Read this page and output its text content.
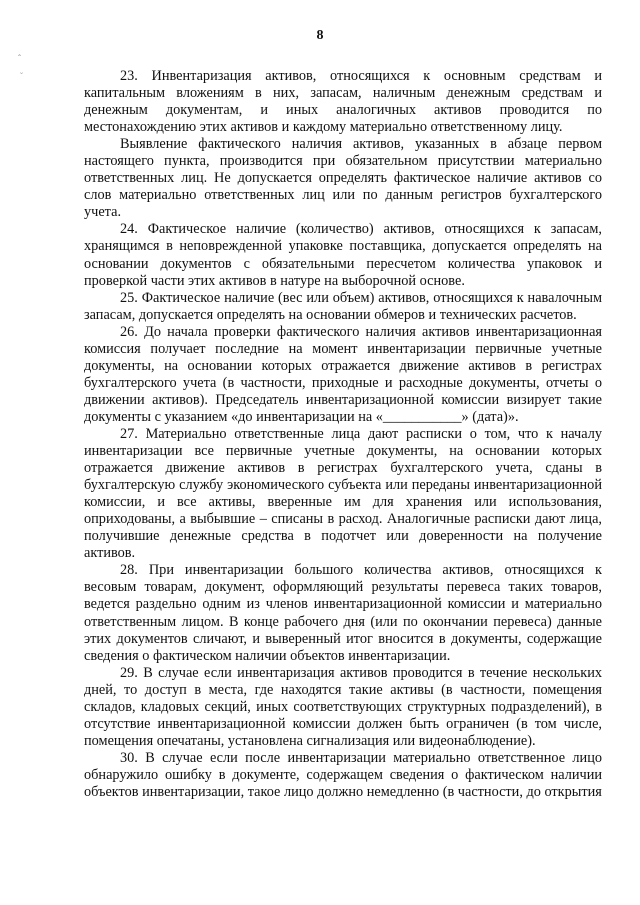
ˆ
˘
8

23. Инвентаризация активов, относящихся к основным средствам и капитальным вложениям в них, запасам, наличным денежным средствам и денежным документам, и иных аналогичных активов проводится по местонахождению этих активов и каждому материально ответственному лицу.

Выявление фактического наличия активов, указанных в абзаце первом настоящего пункта, производится при обязательном присутствии материально ответственных лиц. Не допускается определять фактическое наличие активов со слов материально ответственных лиц или по данным регистров бухгалтерского учета.

24. Фактическое наличие (количество) активов, относящихся к запасам, хранящимся в неповрежденной упаковке поставщика, допускается определять на основании документов с обязательными пересчетом количества упаковок и проверкой части этих активов в натуре на выборочной основе.

25. Фактическое наличие (вес или объем) активов, относящихся к навалочным запасам, допускается определять на основании обмеров и технических расчетов.

26. До начала проверки фактического наличия активов инвентаризационная комиссия получает последние на момент инвентаризации первичные учетные документы, на основании которых отражается движение активов в регистрах бухгалтерского учета (в частности, приходные и расходные документы, отчеты о движении активов). Председатель инвентаризационной комиссии визирует такие документы с указанием «до инвентаризации на «___________» (дата)».

27. Материально ответственные лица дают расписки о том, что к началу инвентаризации все первичные учетные документы, на основании которых отражается движение активов в регистрах бухгалтерского учета, сданы в бухгалтерскую службу экономического субъекта или переданы инвентаризационной комиссии, и все активы, вверенные им для хранения или использования, оприходованы, а выбывшие – списаны в расход. Аналогичные расписки дают лица, получившие денежные средства в подотчет или доверенности на получение активов.

28. При инвентаризации большого количества активов, относящихся к весовым товарам, документ, оформляющий результаты перевеса таких товаров, ведется раздельно одним из членов инвентаризационной комиссии и материально ответственным лицом. В конце рабочего дня (или по окончании перевеса) данные этих документов сличают, и выверенный итог вносится в документы, содержащие сведения о фактическом наличии объектов инвентаризации.

29. В случае если инвентаризация активов проводится в течение нескольких дней, то доступ в места, где находятся такие активы (в частности, помещения складов, кладовых секций, иных соответствующих структурных подразделений), в отсутствие инвентаризационной комиссии должен быть ограничен (в том числе, помещения опечатаны, установлена сигнализация или видеонаблюдение).

30. В случае если после инвентаризации материально ответственное лицо обнаружило ошибку в документе, содержащем сведения о фактическом наличии объектов инвентаризации, такое лицо должно немедленно (в частности, до открытия
